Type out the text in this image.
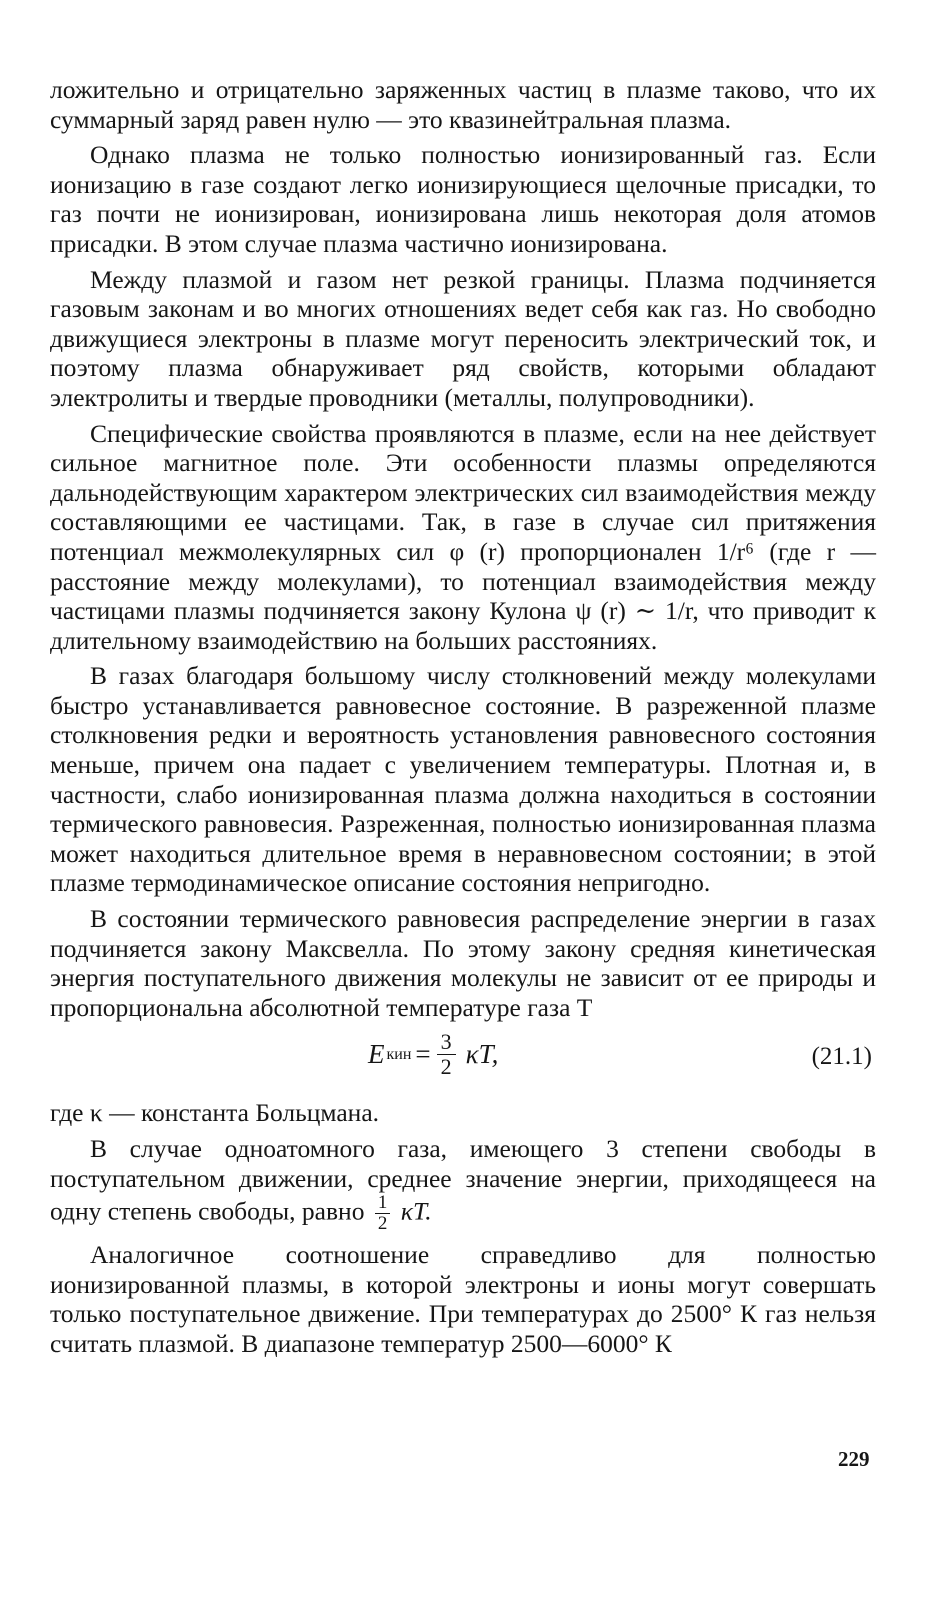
ложительно и отрицательно заряженных частиц в плазме таково, что их суммарный заряд равен нулю — это квазинейтральная плазма.

Однако плазма не только полностью ионизированный газ. Если ионизацию в газе создают легко ионизирующиеся щелочные присадки, то газ почти не ионизирован, ионизирована лишь некоторая доля атомов присадки. В этом случае плазма частично ионизирована.

Между плазмой и газом нет резкой границы. Плазма подчиняется газовым законам и во многих отношениях ведет себя как газ. Но свободно движущиеся электроны в плазме могут переносить электрический ток, и поэтому плазма обнаруживает ряд свойств, которыми обладают электролиты и твердые проводники (металлы, полупроводники).

Специфические свойства проявляются в плазме, если на нее действует сильное магнитное поле. Эти особенности плазмы определяются дальнодействующим характером электрических сил взаимодействия между составляющими ее частицами. Так, в газе в случае сил притяжения потенциал межмолекулярных сил φ (r) пропорционален 1/r⁶ (где r — расстояние между молекулами), то потенциал взаимодействия между частицами плазмы подчиняется закону Кулона ψ (r) ∼ 1/r, что приводит к длительному взаимодействию на больших расстояниях.

В газах благодаря большому числу столкновений между молекулами быстро устанавливается равновесное состояние. В разреженной плазме столкновения редки и вероятность установления равновесного состояния меньше, причем она падает с увеличением температуры. Плотная и, в частности, слабо ионизированная плазма должна находиться в состоянии термического равновесия. Разреженная, полностью ионизированная плазма может находиться длительное время в неравновесном состоянии; в этой плазме термодинамическое описание состояния непригодно.

В состоянии термического равновесия распределение энергии в газах подчиняется закону Максвелла. По этому закону средняя кинетическая энергия поступательного движения молекулы не зависит от ее природы и пропорциональна абсолютной температуре газа T

E кин = $\frac{3}{2} \kappa T$,	(21.1)

где κ — константа Больцмана.

В случае одноатомного газа, имеющего 3 степени свободы в поступательном движении, среднее значение энергии, приходящееся на одну степень свободы, равно $\frac{1}{2} \kappa T$.

Аналогичное соотношение справедливо для полностью ионизированной плазмы, в которой электроны и ионы могут совершать только поступательное движение. При температурах до 2500° К газ нельзя считать плазмой. В диапазоне температур 2500—6000° К

229
